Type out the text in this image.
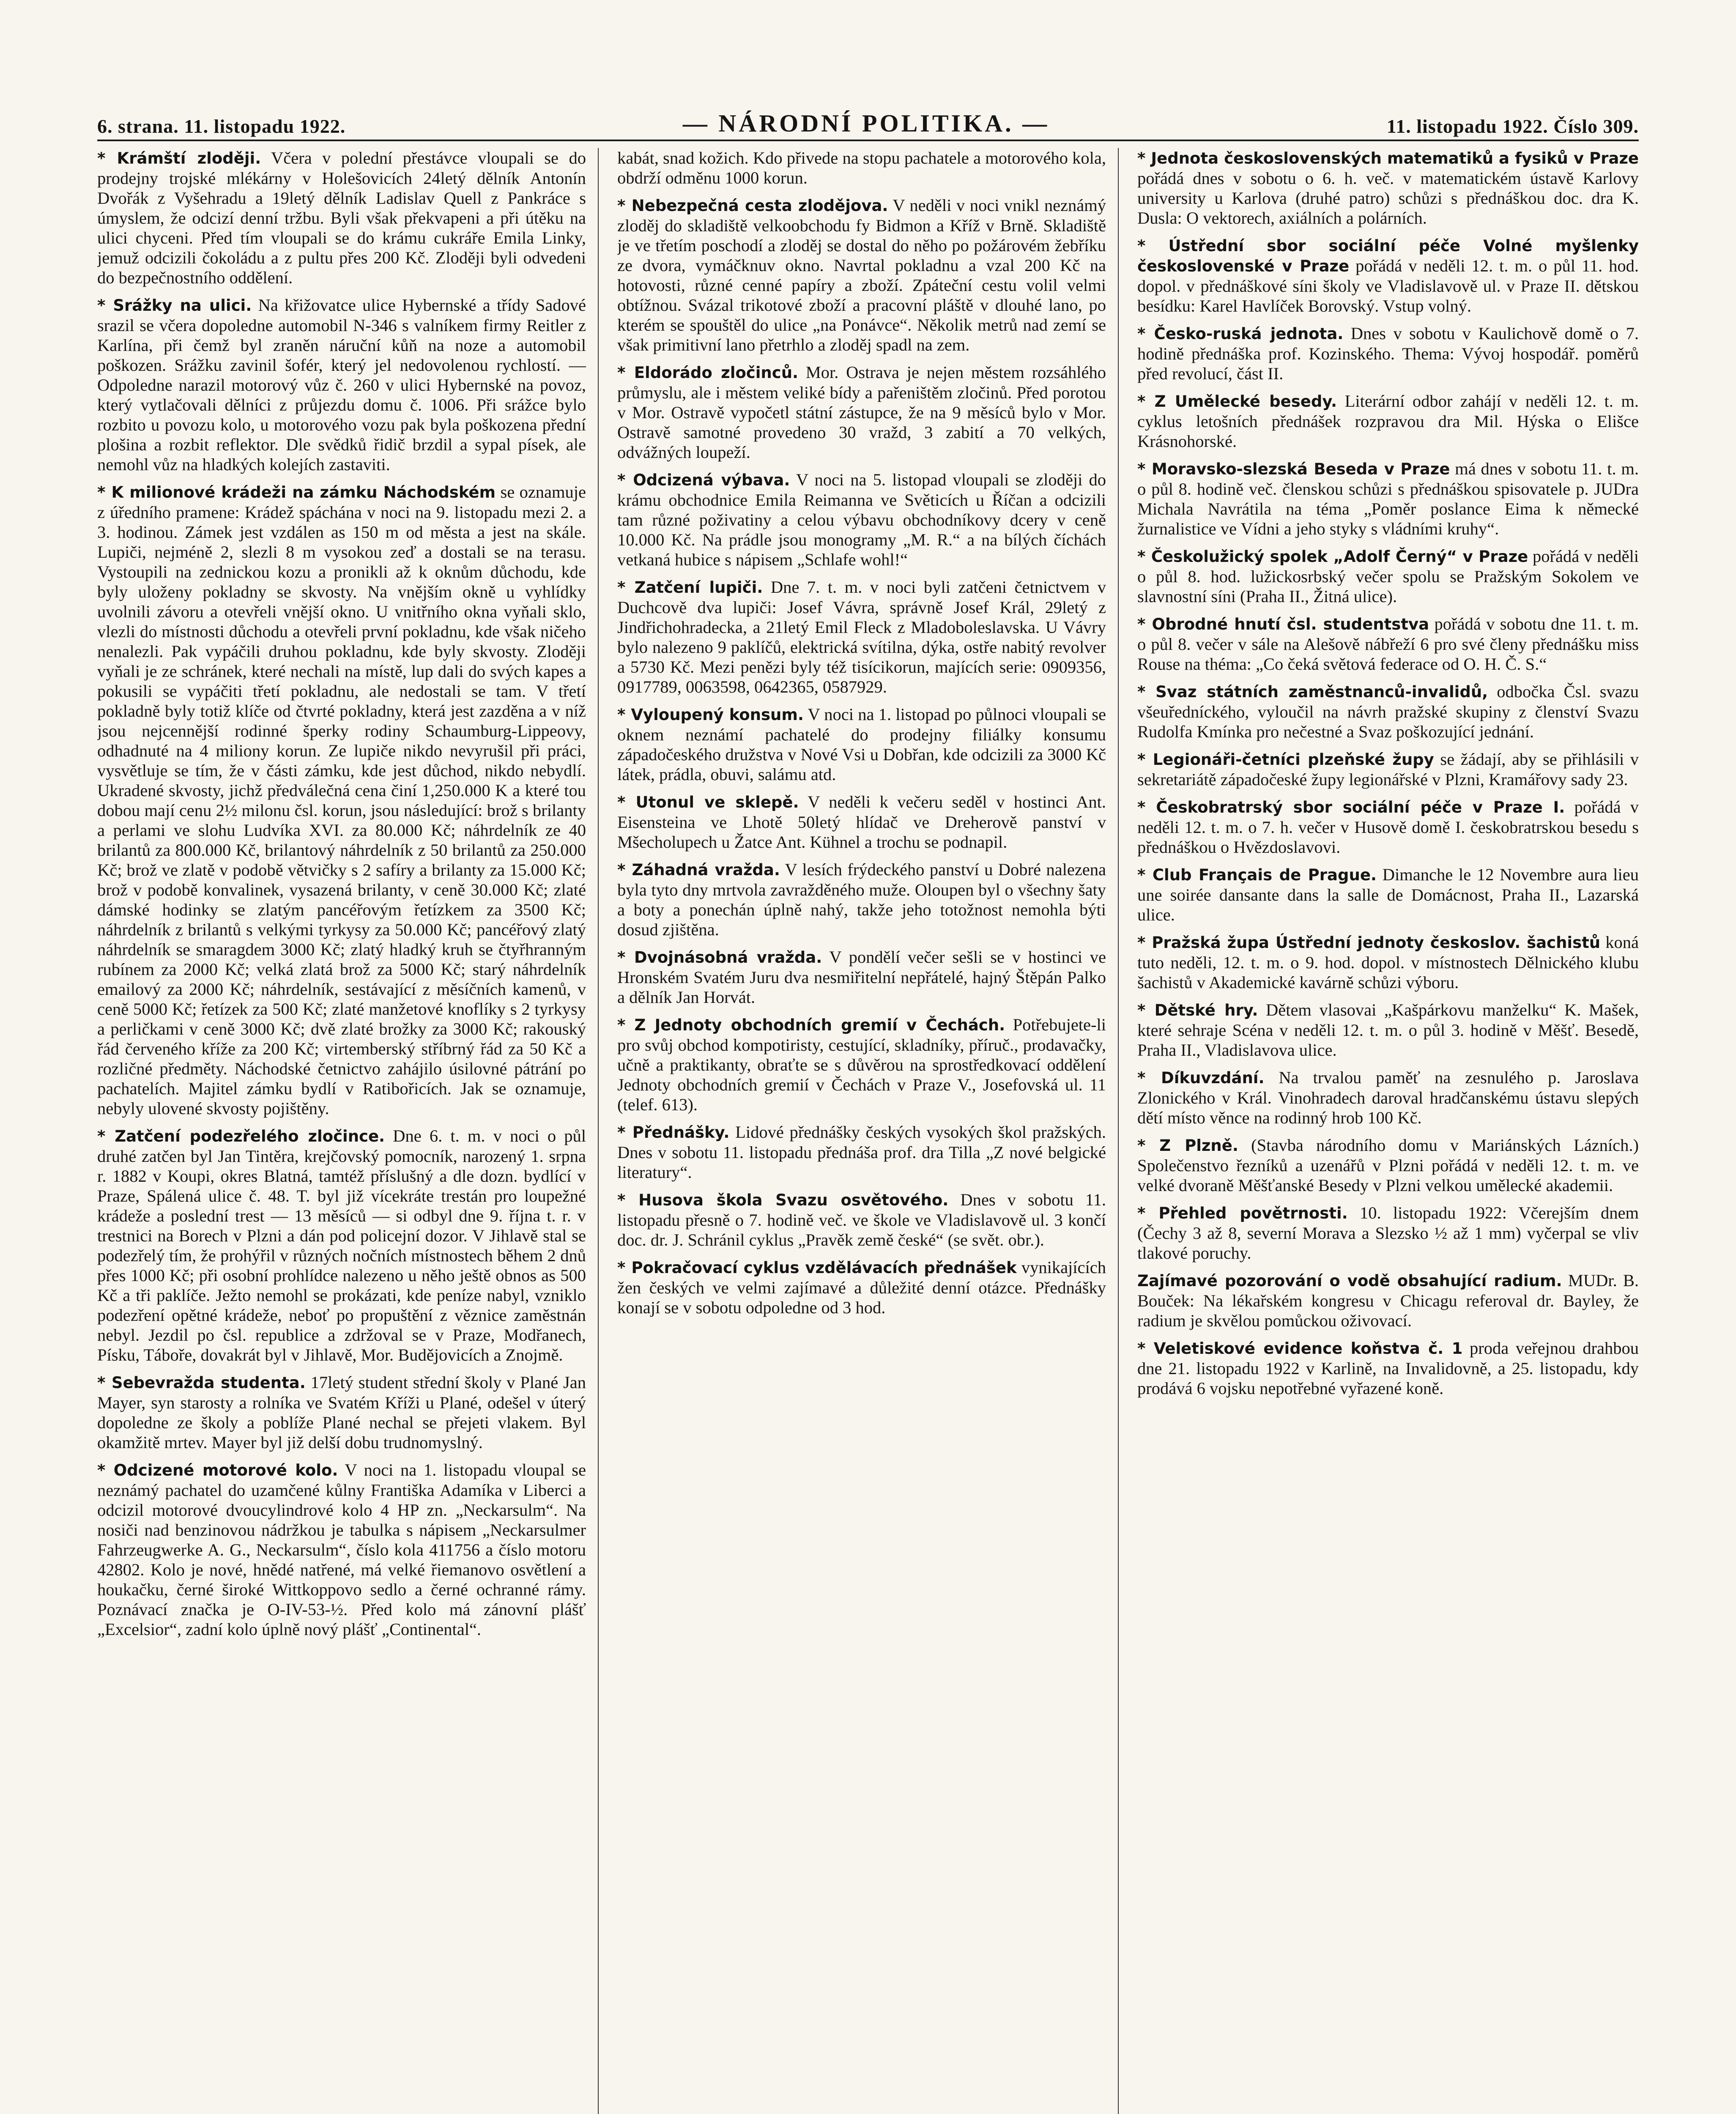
6. strana. 11. listopadu 1922.	— NÁRODNÍ POLITIKA. —	11. listopadu 1922. Číslo 309.

* Krámští zloději. Včera v polední přestávce vloupali se do prodejny trojské mlékárny v Holešovicích 24letý dělník Antonín Dvořák z Vyšehradu a 19letý dělník Ladislav Quell z Pankráce s úmyslem, že odcizí denní tržbu. Byli však překvapeni a při útěku na ulici chyceni. Před tím vloupali se do krámu cukráře Emila Linky, jemuž odcizili čokoládu a z pultu přes 200 Kč. Zloději byli odvedeni do bezpečnostního oddělení.

* Srážky na ulici. Na křižovatce ulice Hybernské a třídy Sadové srazil se včera dopoledne automobil N-346 s valníkem firmy Reitler z Karlína, při čemž byl zraněn náruční kůň na noze a automobil poškozen. Srážku zavinil šofér, který jel nedovolenou rychlostí. — Odpoledne narazil motorový vůz č. 260 v ulici Hybernské na povoz, který vytlačovali dělníci z průjezdu domu č. 1006. Při srážce bylo rozbito u povozu kolo, u motorového vozu pak byla poškozena přední plošina a rozbit reflektor. Dle svědků řidič brzdil a sypal písek, ale nemohl vůz na hladkých kolejích zastaviti.

* K milionové krádeži na zámku Náchodském se oznamuje z úředního pramene: Krádež spáchána v noci na 9. listopadu mezi 2. a 3. hodinou. Zámek jest vzdálen as 150 m od města a jest na skále. Lupiči, nejméně 2, slezli 8 m vysokou zeď a dostali se na terasu. Vystoupili na zednickou kozu a pronikli až k oknům důchodu, kde byly uloženy pokladny se skvosty. Na vnějším okně u vyhlídky uvolnili závoru a otevřeli vnější okno. U vnitřního okna vyňali sklo, vlezli do místnosti důchodu a otevřeli první pokladnu, kde však ničeho nenalezli. Pak vypáčili druhou pokladnu, kde byly skvosty. Zloději vyňali je ze schránek, které nechali na místě, lup dali do svých kapes a pokusili se vypáčiti třetí pokladnu, ale nedostali se tam. V třetí pokladně byly totiž klíče od čtvrté pokladny, která jest zazděna a v níž jsou nejcennější rodinné šperky rodiny Schaumburg-Lippeovy, odhadnuté na 4 miliony korun. Ze lupiče nikdo nevyrušil při práci, vysvětluje se tím, že v části zámku, kde jest důchod, nikdo nebydlí. Ukradené skvosty, jichž předválečná cena činí 1,250.000 K a které tou dobou mají cenu 2½ milonu čsl. korun, jsou následující: brož s brilanty a perlami ve slohu Ludvíka XVI. za 80.000 Kč; náhrdelník ze 40 brilantů za 800.000 Kč, brilantový náhrdelník z 50 brilantů za 250.000 Kč; brož ve zlatě v podobě větvičky s 2 safíry a brilanty za 15.000 Kč; brož v podobě konvalinek, vysazená brilanty, v ceně 30.000 Kč; zlaté dámské hodinky se zlatým pancéřovým řetízkem za 3500 Kč; náhrdelník z brilantů s velkými tyrkysy za 50.000 Kč; pancéřový zlatý náhrdelník se smaragdem 3000 Kč; zlatý hladký kruh se čtyřhranným rubínem za 2000 Kč; velká zlatá brož za 5000 Kč; starý náhrdelník emailový za 2000 Kč; náhrdelník, sestávající z měsíčních kamenů, v ceně 5000 Kč; řetízek za 500 Kč; zlaté manžetové knoflíky s 2 tyrkysy a perličkami v ceně 3000 Kč; dvě zlaté brožky za 3000 Kč; rakouský řád červeného kříže za 200 Kč; virtemberský stříbrný řád za 50 Kč a rozličné předměty. Náchodské četnictvo zahájilo úsilovné pátrání po pachatelích. Majitel zámku bydlí v Ratibořicích. Jak se oznamuje, nebyly ulovené skvosty pojištěny.

* Zatčení podezřelého zločince. Dne 6. t. m. v noci o půl druhé zatčen byl Jan Tintěra, krejčovský pomocník, narozený 1. srpna r. 1882 v Koupi, okres Blatná, tamtéž příslušný a dle dozn. bydlící v Praze, Spálená ulice č. 48. T. byl již vícekráte trestán pro loupežné krádeže a poslední trest — 13 měsíců — si odbyl dne 9. října t. r. v trestnici na Borech v Plzni a dán pod policejní dozor. V Jihlavě stal se podezřelý tím, že prohýřil v různých nočních místnostech během 2 dnů přes 1000 Kč; při osobní prohlídce nalezeno u něho ještě obnos as 500 Kč a tři paklíče. Ježto nemohl se prokázati, kde peníze nabyl, vzniklo podezření opětné krádeže, neboť po propuštění z věznice zaměstnán nebyl. Jezdil po čsl. republice a zdržoval se v Praze, Modřanech, Písku, Táboře, dovakrát byl v Jihlavě, Mor. Budějovicích a Znojmě.

* Sebevražda studenta. 17letý student střední školy v Plané Jan Mayer, syn starosty a rolníka ve Svatém Kříži u Plané, odešel v úterý dopoledne ze školy a poblíže Plané nechal se přejeti vlakem. Byl okamžitě mrtev. Mayer byl již delší dobu trudnomyslný.

* Odcizené motorové kolo. V noci na 1. listopadu vloupal se neznámý pachatel do uzamčené kůlny Františka Adamíka v Liberci a odcizil motorové dvoucylindrové kolo 4 HP zn. „Neckarsulm“. Na nosiči nad benzinovou nádržkou je tabulka s nápisem „Neckarsulmer Fahrzeugwerke A. G., Neckarsulm“, číslo kola 411756 a číslo motoru 42802. Kolo je nové, hnědé natřené, má velké řiemanovo osvětlení a houkačku, černé široké Wittkoppovo sedlo a černé ochranné rámy. Poznávací značka je O-IV-53-½. Před kolo má zánovní plášť „Excelsior“, zadní kolo úplně nový plášť „Continental“.

kabát, snad kožich. Kdo přivede na stopu pachatele a motorového kola, obdrží odměnu 1000 korun.

* Nebezpečná cesta zlodějova. V neděli v noci vnikl neznámý zloděj do skladiště velkoobchodu fy Bidmon a Kříž v Brně. Skladiště je ve třetím poschodí a zloděj se dostal do něho po požárovém žebříku ze dvora, vymáčknuv okno. Navrtal pokladnu a vzal 200 Kč na hotovosti, různé cenné papíry a zboží. Zpáteční cestu volil velmi obtížnou. Svázal trikotové zboží a pracovní pláště v dlouhé lano, po kterém se spouštěl do ulice „na Ponávce“. Několik metrů nad zemí se však primitivní lano přetrhlo a zloděj spadl na zem.

* Eldorádo zločinců. Mor. Ostrava je nejen městem rozsáhlého průmyslu, ale i městem veliké bídy a pařeništěm zločinů. Před porotou v Mor. Ostravě vypočetl státní zástupce, že na 9 měsíců bylo v Mor. Ostravě samotné provedeno 30 vražd, 3 zabití a 70 velkých, odvážných loupeží.

* Odcizená výbava. V noci na 5. listopad vloupali se zloději do krámu obchodnice Emila Reimanna ve Světicích u Říčan a odcizili tam různé poživatiny a celou výbavu obchodníkovy dcery v ceně 10.000 Kč. Na prádle jsou monogramy „M. R.“ a na bílých číchách vetkaná hubice s nápisem „Schlafe wohl!“

* Zatčení lupiči. Dne 7. t. m. v noci byli zatčeni četnictvem v Duchcově dva lupiči: Josef Vávra, správně Josef Král, 29letý z Jindřichohradecka, a 21letý Emil Fleck z Mladoboleslavska. U Vávry bylo nalezeno 9 paklíčů, elektrická svítilna, dýka, ostře nabitý revolver a 5730 Kč. Mezi penězi byly též tisícikorun, majících serie: 0909356, 0917789, 0063598, 0642365, 0587929.

* Vyloupený konsum. V noci na 1. listopad po půlnoci vloupali se oknem neznámí pachatelé do prodejny filiálky konsumu západočeského družstva v Nové Vsi u Dobřan, kde odcizili za 3000 Kč látek, prádla, obuvi, salámu atd.

* Utonul ve sklepě. V neděli k večeru seděl v hostinci Ant. Eisensteina ve Lhotě 50letý hlídač ve Dreherově panství v Mšecholupech u Žatce Ant. Kühnel a trochu se podnapil.

* Záhadná vražda. V lesích frýdeckého panství u Dobré nalezena byla tyto dny mrtvola zavražděného muže. Oloupen byl o všechny šaty a boty a ponechán úplně nahý, takže jeho totožnost nemohla býti dosud zjištěna.

* Dvojnásobná vražda. V pondělí večer sešli se v hostinci ve Hronském Svatém Juru dva nesmiřitelní nepřátelé, hajný Štěpán Palko a dělník Jan Horvát.

* Z Jednoty obchodních gremií v Čechách. Potřebujete-li pro svůj obchod kompotiristy, cestující, skladníky, příruč., prodavačky, učně a praktikanty, obraťte se s důvěrou na sprostředkovací oddělení Jednoty obchodních gremií v Čechách v Praze V., Josefovská ul. 11 (telef. 613).

* Přednášky. Lidové přednášky českých vysokých škol pražských. Dnes v sobotu 11. listopadu přednáša prof. dra Tilla „Z nové belgické literatury“.

* Husova škola Svazu osvětového. Dnes v sobotu 11. listopadu přesně o 7. hodině več. ve škole ve Vladislavově ul. 3 končí doc. dr. J. Schránil cyklus „Pravěk země české“ (se svět. obr.).

* Pokračovací cyklus vzdělávacích přednášek vynikajících žen českých ve velmi zajímavé a důležité denní otázce. Přednášky konají se v sobotu odpoledne od 3 hod.

* Jednota československých matematiků a fysiků v Praze pořádá dnes v sobotu o 6. h. več. v matematickém ústavě Karlovy university u Karlova (druhé patro) schůzi s přednáškou doc. dra K. Dusla: O vektorech, axiálních a polárních.

* Ústřední sbor sociální péče Volné myšlenky československé v Praze pořádá v neděli 12. t. m. o půl 11. hod. dopol. v přednáškové síni školy ve Vladislavově ul. v Praze II. dětskou besídku: Karel Havlíček Borovský. Vstup volný.

* Česko-ruská jednota. Dnes v sobotu v Kaulichově domě o 7. hodině přednáška prof. Kozinského. Thema: Vývoj hospodář. poměrů před revolucí, část II.

* Z Umělecké besedy. Literární odbor zahájí v neděli 12. t. m. cyklus letošních přednášek rozpravou dra Mil. Hýska o Elišce Krásnohorské.

* Moravsko-slezská Beseda v Praze má dnes v sobotu 11. t. m. o půl 8. hodině več. členskou schůzi s přednáškou spisovatele p. JUDra Michala Navrátila na téma „Poměr poslance Eima k německé žurnalistice ve Vídni a jeho styky s vládními kruhy“.

* Českolužický spolek „Adolf Černý“ v Praze pořádá v neděli o půl 8. hod. lužickosrbský večer spolu se Pražským Sokolem ve slavnostní síni (Praha II., Žitná ulice).

* Obrodné hnutí čsl. studentstva pořádá v sobotu dne 11. t. m. o půl 8. večer v sále na Alešově nábřeží 6 pro své členy přednášku miss Rouse na théma: „Co čeká světová federace od O. H. Č. S.“

* Svaz státních zaměstnanců-invalidů, odbočka Čsl. svazu všeuředníckého, vyloučil na návrh pražské skupiny z členství Svazu Rudolfa Kmínka pro nečestné a Svaz poškozující jednání.

* Legionáři-četníci plzeňské župy se žádají, aby se přihlásili v sekretariátě západočeské župy legionářské v Plzni, Kramářovy sady 23.

* Českobratrský sbor sociální péče v Praze I. pořádá v neděli 12. t. m. o 7. h. večer v Husově domě I. českobratrskou besedu s přednáškou o Hvězdoslavovi.

* Club Français de Prague. Dimanche le 12 Novembre aura lieu une soirée dansante dans la salle de Domácnost, Praha II., Lazarská ulice.

* Pražská župa Ústřední jednoty českoslov. šachistů koná tuto neděli, 12. t. m. o 9. hod. dopol. v místnostech Dělnického klubu šachistů v Akademické kavárně schůzi výboru.

* Dětské hry. Dětem vlasovai „Kašpárkovu manželku“ K. Mašek, které sehraje Scéna v neděli 12. t. m. o půl 3. hodině v Měšť. Besedě, Praha II., Vladislavova ulice.

* Díkuvzdání. Na trvalou paměť na zesnulého p. Jaroslava Zlonického v Král. Vinohradech daroval hradčanskému ústavu slepých dětí místo věnce na rodinný hrob 100 Kč.

* Z Plzně. (Stavba národního domu v Mariánských Lázních.) Společenstvo řezníků a uzenářů v Plzni pořádá v neděli 12. t. m. ve velké dvoraně Měšťanské Besedy v Plzni velkou umělecké akademii.

* Přehled povětrnosti. 10. listopadu 1922: Včerejším dnem (Čechy 3 až 8, severní Morava a Slezsko ½ až 1 mm) vyčerpal se vliv tlakové poruchy.

Zajímavé pozorování o vodě obsahující radium. MUDr. B. Bouček: Na lékařském kongresu v Chicagu referoval dr. Bayley, že radium je skvělou pomůckou oživovací.

* Veletiskové evidence koňstva č. 1 proda veřejnou drahbou dne 21. listopadu 1922 v Karlině, na Invalidovně, a 25. listopadu, kdy prodává 6 vojsku nepotřebné vyřazené koně.
